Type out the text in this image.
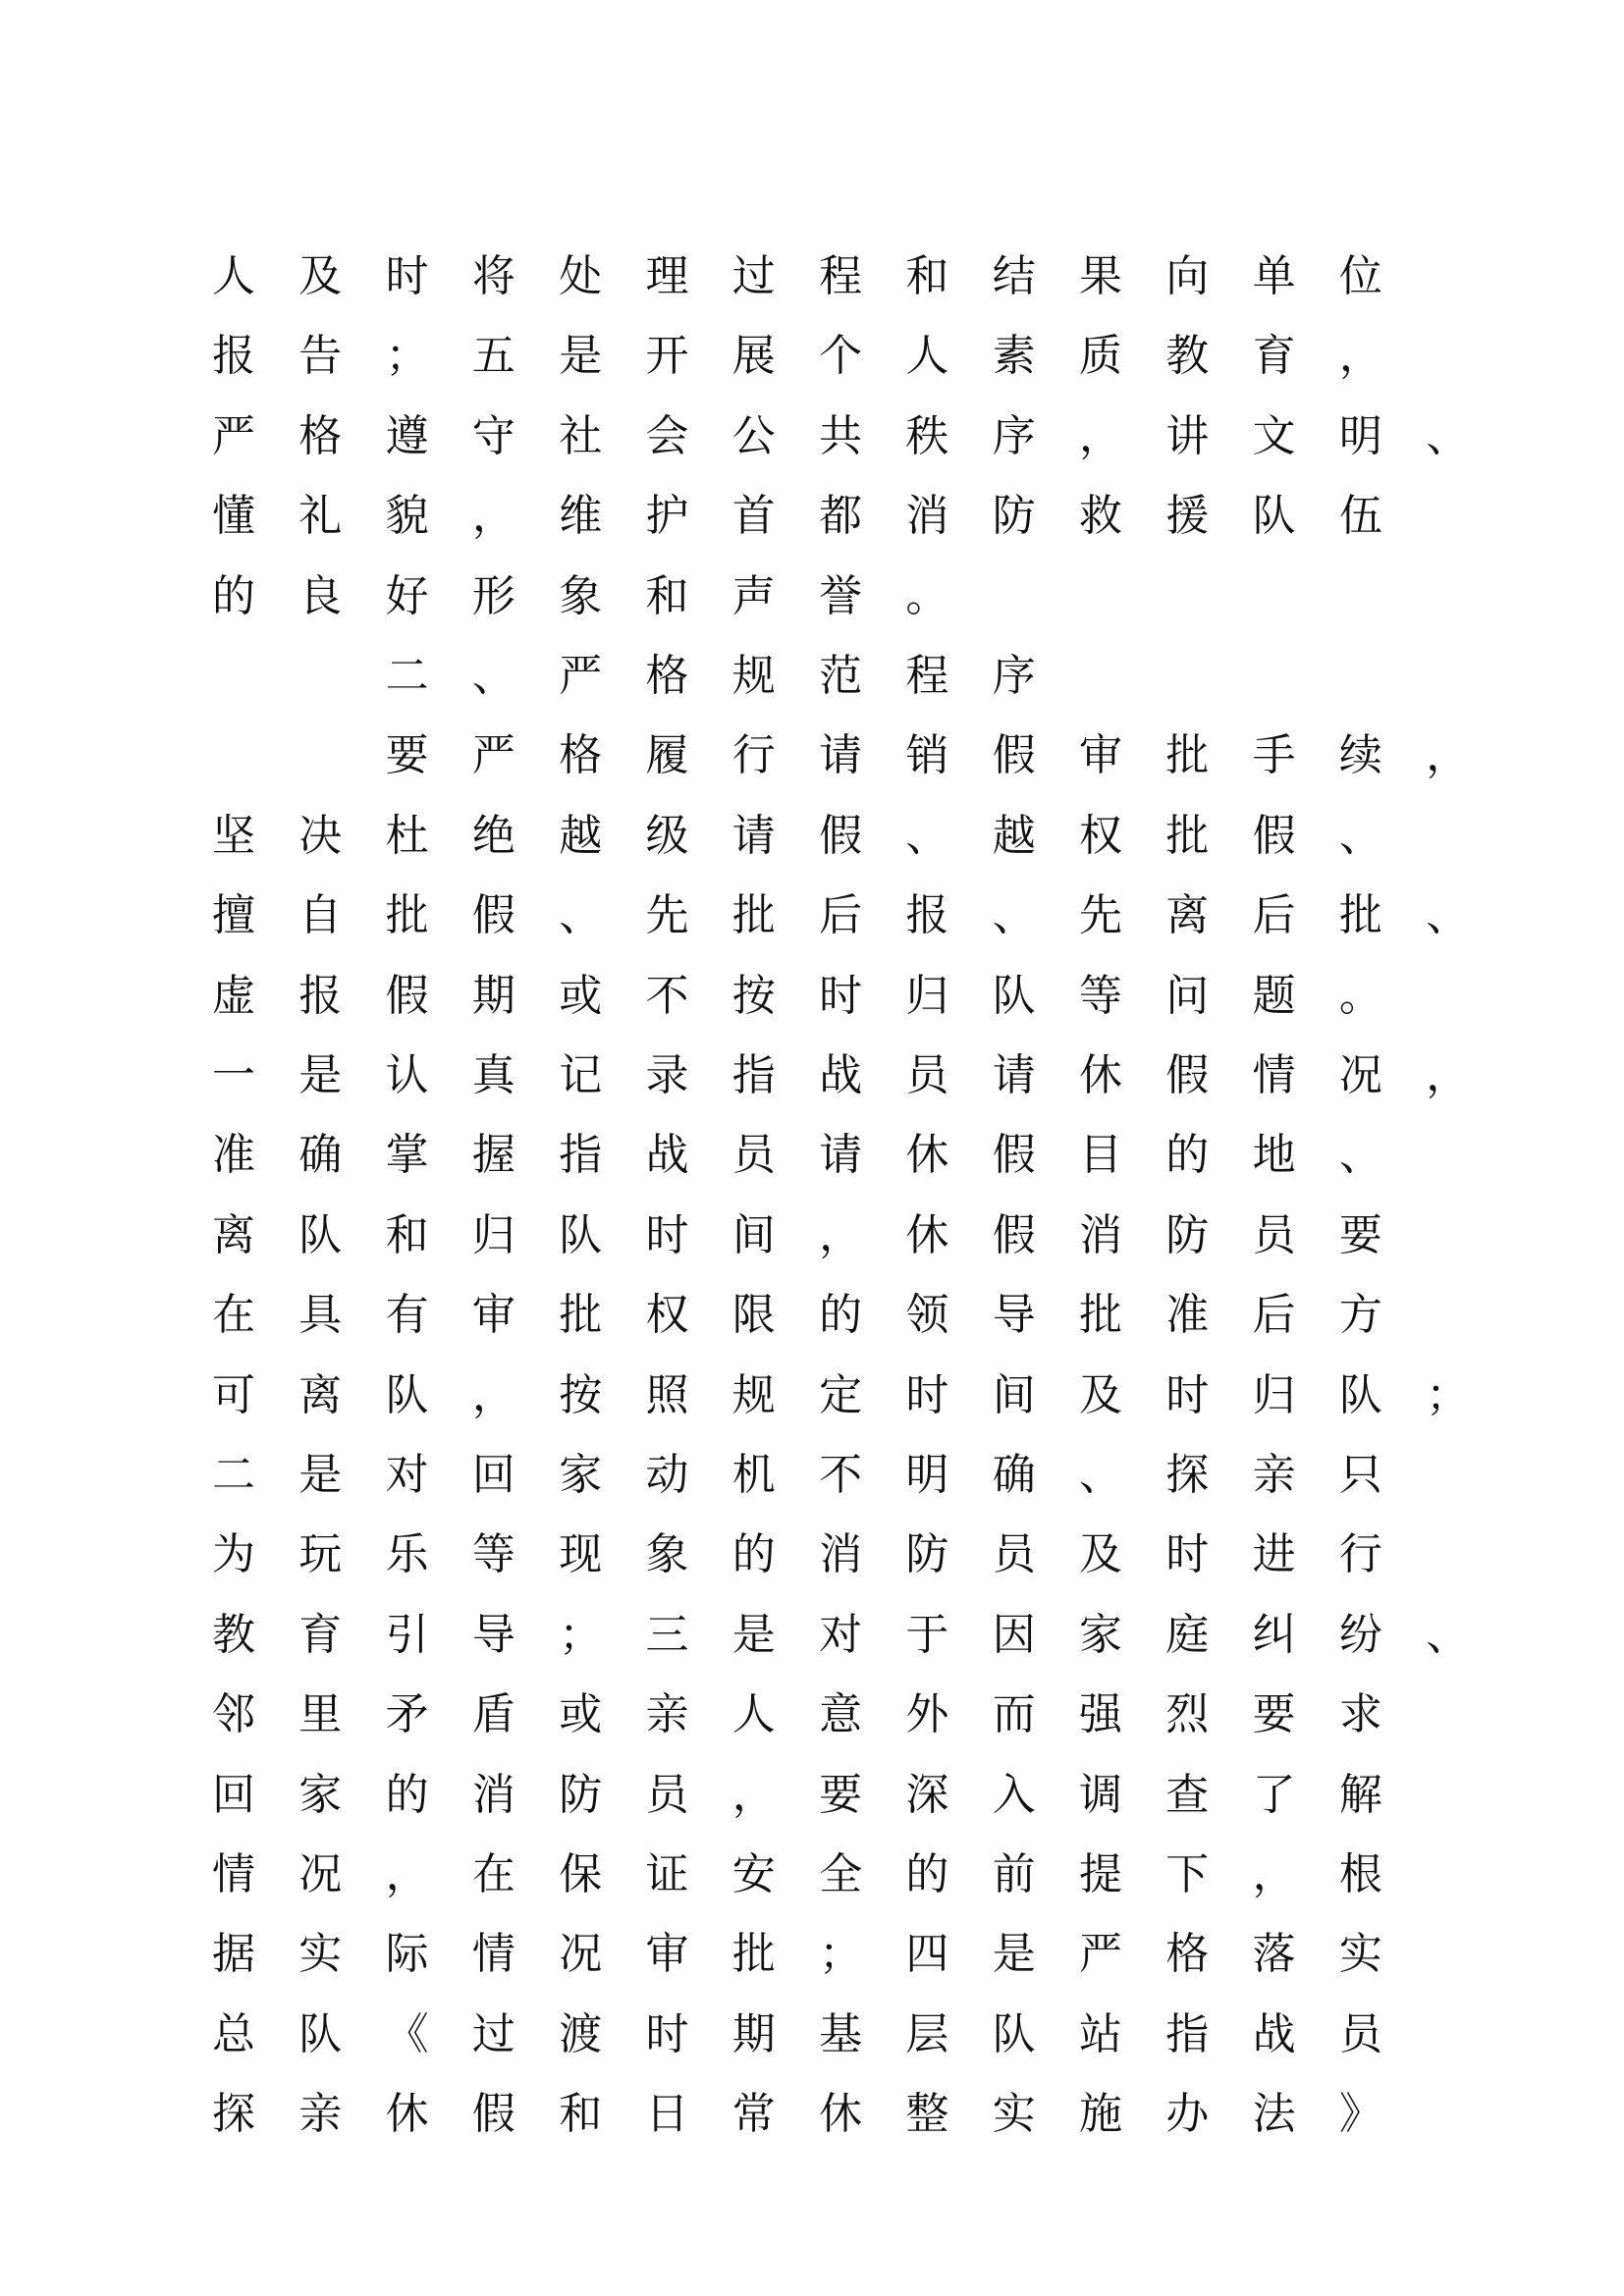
人 及 时 将 处 理 过 程 和 结 果 向 单 位
报 告 ； 五 是 开 展 个 人 素 质 教 育 ，
严 格 遵 守 社 会 公 共 秩 序 ， 讲 文 明 、
懂 礼 貌 ， 维 护 首 都 消 防 救 援 队 伍
的 良 好 形 象 和 声 誉 。
二 、 严 格 规 范 程 序
要 严 格 履 行 请 销 假 审 批 手 续 ，
坚 决 杜 绝 越 级 请 假 、 越 权 批 假 、
擅 自 批 假 、 先 批 后 报 、 先 离 后 批 、
虚 报 假 期 或 不 按 时 归 队 等 问 题 。
一 是 认 真 记 录 指 战 员 请 休 假 情 况 ，
准 确 掌 握 指 战 员 请 休 假 目 的 地 、
离 队 和 归 队 时 间 ， 休 假 消 防 员 要
在 具 有 审 批 权 限 的 领 导 批 准 后 方
可 离 队 ， 按 照 规 定 时 间 及 时 归 队 ；
二 是 对 回 家 动 机 不 明 确 、 探 亲 只
为 玩 乐 等 现 象 的 消 防 员 及 时 进 行
教 育 引 导 ； 三 是 对 于 因 家 庭 纠 纷 、
邻 里 矛 盾 或 亲 人 意 外 而 强 烈 要 求
回 家 的 消 防 员 ， 要 深 入 调 查 了 解
情 况 ， 在 保 证 安 全 的 前 提 下 ， 根
据 实 际 情 况 审 批 ； 四 是 严 格 落 实
总 队 《 过 渡 时 期 基 层 队 站 指 战 员
探 亲 休 假 和 日 常 休 整 实 施 办 法 》
